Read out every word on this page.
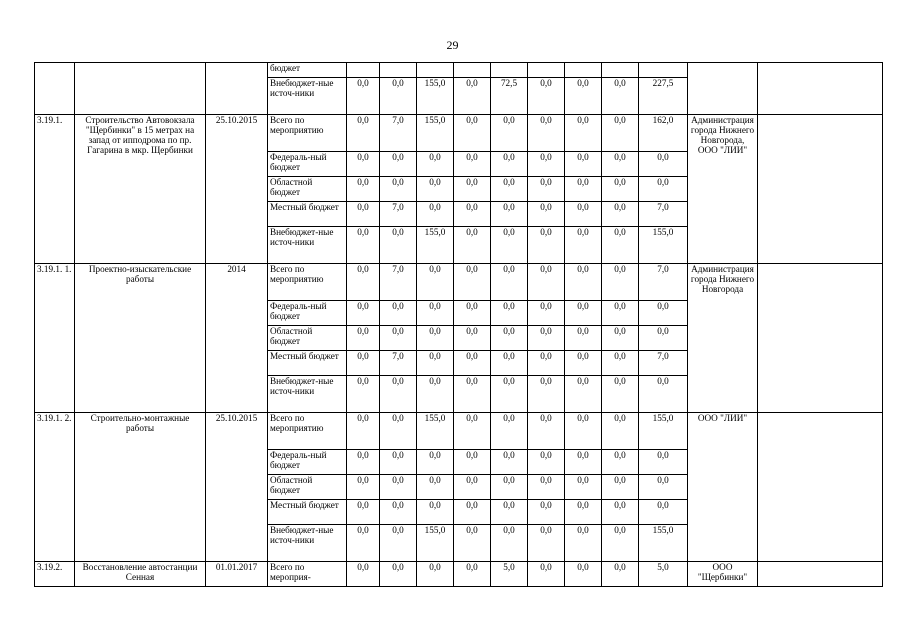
29
			бюджет											
			Внебюджет-ные источ-ники	0,0	0,0	155,0	0,0	72,5	0,0	0,0	0,0	227,5		
3.19.1.	Строительство Автовокзала "Щербинки" в 15 метрах на запад от ипподрома по пр. Гагарина в мкр. Щербинки	25.10.2015	Всего по мероприятию	0,0	7,0	155,0	0,0	0,0	0,0	0,0	0,0	162,0	Администрация города Нижнего Новгорода, ООО "ЛИИ"	
			Федераль-ный бюджет	0,0	0,0	0,0	0,0	0,0	0,0	0,0	0,0	0,0		
			Областной бюджет	0,0	0,0	0,0	0,0	0,0	0,0	0,0	0,0	0,0		
			Местный бюджет	0,0	7,0	0,0	0,0	0,0	0,0	0,0	0,0	7,0		
			Внебюджет-ные источ-ники	0,0	0,0	155,0	0,0	0,0	0,0	0,0	0,0	155,0		
3.19.1. 1.	Проектно-изыскательские работы	2014	Всего по мероприятию	0,0	7,0	0,0	0,0	0,0	0,0	0,0	0,0	7,0	Администрация города Нижнего Новгорода	
			Федераль-ный бюджет	0,0	0,0	0,0	0,0	0,0	0,0	0,0	0,0	0,0		
			Областной бюджет	0,0	0,0	0,0	0,0	0,0	0,0	0,0	0,0	0,0		
			Местный бюджет	0,0	7,0	0,0	0,0	0,0	0,0	0,0	0,0	7,0		
			Внебюджет-ные источ-ники	0,0	0,0	0,0	0,0	0,0	0,0	0,0	0,0	0,0		
3.19.1. 2.	Строительно-монтажные работы	25.10.2015	Всего по мероприятию	0,0	0,0	155,0	0,0	0,0	0,0	0,0	0,0	155,0	ООО "ЛИИ"	
			Федераль-ный бюджет	0,0	0,0	0,0	0,0	0,0	0,0	0,0	0,0	0,0		
			Областной бюджет	0,0	0,0	0,0	0,0	0,0	0,0	0,0	0,0	0,0		
			Местный бюджет	0,0	0,0	0,0	0,0	0,0	0,0	0,0	0,0	0,0		
			Внебюджет-ные источ-ники	0,0	0,0	155,0	0,0	0,0	0,0	0,0	0,0	155,0		
3.19.2.	Восстановление автостанции Сенная	01.01.2017	Всего по мероприя-	0,0	0,0	0,0	0,0	5,0	0,0	0,0	0,0	5,0	ООО "Щербинки"	
